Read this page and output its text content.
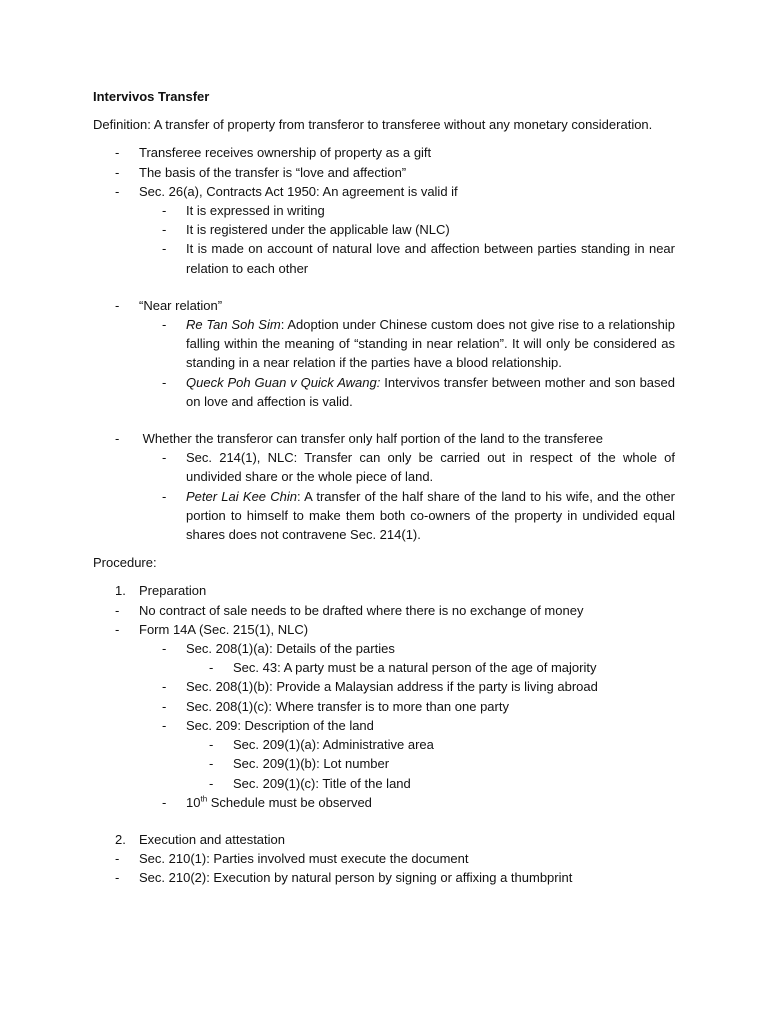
Intervivos Transfer
Definition: A transfer of property from transferor to transferee without any monetary consideration.
-	Transferee receives ownership of property as a gift
-	The basis of the transfer is “love and affection”
-	Sec. 26(a), Contracts Act 1950: An agreement is valid if
-	It is expressed in writing
-	It is registered under the applicable law (NLC)
-	It is made on account of natural love and affection between parties standing in near relation to each other
-	“Near relation”
-	Re Tan Soh Sim: Adoption under Chinese custom does not give rise to a relationship falling within the meaning of “standing in near relation”. It will only be considered as standing in a near relation if the parties have a blood relationship.
-	Queck Poh Guan v Quick Awang: Intervivos transfer between mother and son based on love and affection is valid.
-	Whether the transferor can transfer only half portion of the land to the transferee
-	Sec. 214(1), NLC: Transfer can only be carried out in respect of the whole of undivided share or the whole piece of land.
-	Peter Lai Kee Chin: A transfer of the half share of the land to his wife, and the other portion to himself to make them both co-owners of the property in undivided equal shares does not contravene Sec. 214(1).
Procedure:
1.	Preparation
-	No contract of sale needs to be drafted where there is no exchange of money
-	Form 14A (Sec. 215(1), NLC)
-	Sec. 208(1)(a): Details of the parties
-	Sec. 43: A party must be a natural person of the age of majority
-	Sec. 208(1)(b): Provide a Malaysian address if the party is living abroad
-	Sec. 208(1)(c): Where transfer is to more than one party
-	Sec. 209: Description of the land
-	Sec. 209(1)(a): Administrative area
-	Sec. 209(1)(b): Lot number
-	Sec. 209(1)(c): Title of the land
-	10th Schedule must be observed
2.	Execution and attestation
-	Sec. 210(1): Parties involved must execute the document
-	Sec. 210(2): Execution by natural person by signing or affixing a thumbprint
